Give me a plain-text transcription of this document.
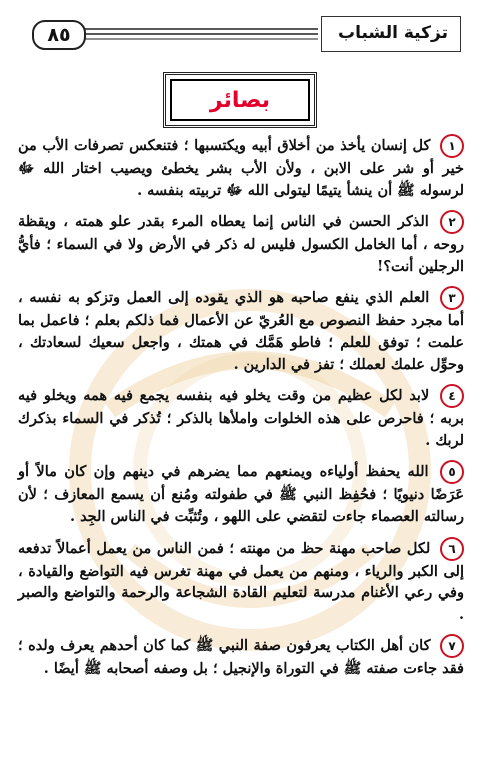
٨٥	تزكية الشباب
بصائر

١ كل إنسان يأخذ من أخلاق أبيه ويكتسبها ؛ فتنعكس تصرفات الأب من خير أو شر على الابن ، ولأن الأب بشر يخطئ ويصيب اختار الله ﷻ لرسوله ﷺ أن ينشأ يتيمًا ليتولى الله ﷻ تربيته بنفسه .

٢ الذكر الحسن في الناس إنما يعطاه المرء بقدر علو همته ، ويقظة روحه ، أما الخامل الكسول فليس له ذكر في الأرض ولا في السماء ؛ فأيُّ الرجلين أنت؟!

٣ العلم الذي ينفع صاحبه هو الذي يقوده إلى العمل وتزكو به نفسه ، أما مجرد حفظ النصوص مع العُريّ عن الأعمال فما ذلكم بعلم ؛ فاعمل بما علمت ؛ توفق للعلم ؛ فاطو هَمَّك في همتك ، واجعل سعيك لسعادتك ، وحوِّل علمك لعملك ؛ تفز في الدارين .

٤ لابد لكل عظيم من وقت يخلو فيه بنفسه يجمع فيه همه ويخلو فيه بربه ؛ فاحرص على هذه الخلوات واملأها بالذكر ؛ تُذكر في السماء بذكرك لربك .

٥ الله يحفظ أولياءه ويمنعهم مما يضرهم في دينهم وإن كان مالاً أو عَرَضًا دنيويًا ؛ فحُفِظ النبي ﷺ في طفولته ومُنع أن يسمع المعازف ؛ لأن رسالته العصماء جاءت لتقضي على اللهو ، وتُثبِّت في الناس الجِد .

٦ لكل صاحب مهنة حظ من مهنته ؛ فمن الناس من يعمل أعمالاً تدفعه إلى الكبر والرياء ، ومنهم من يعمل في مهنة تغرس فيه التواضع والقيادة ، وفي رعي الأغنام مدرسة لتعليم القادة الشجاعة والرحمة والتواضع والصبر .

٧ كان أهل الكتاب يعرفون صفة النبي ﷺ كما كان أحدهم يعرف ولده ؛ فقد جاءت صفته ﷺ في التوراة والإنجيل ؛ بل وصفه أصحابه ﷺ أيضًا .
